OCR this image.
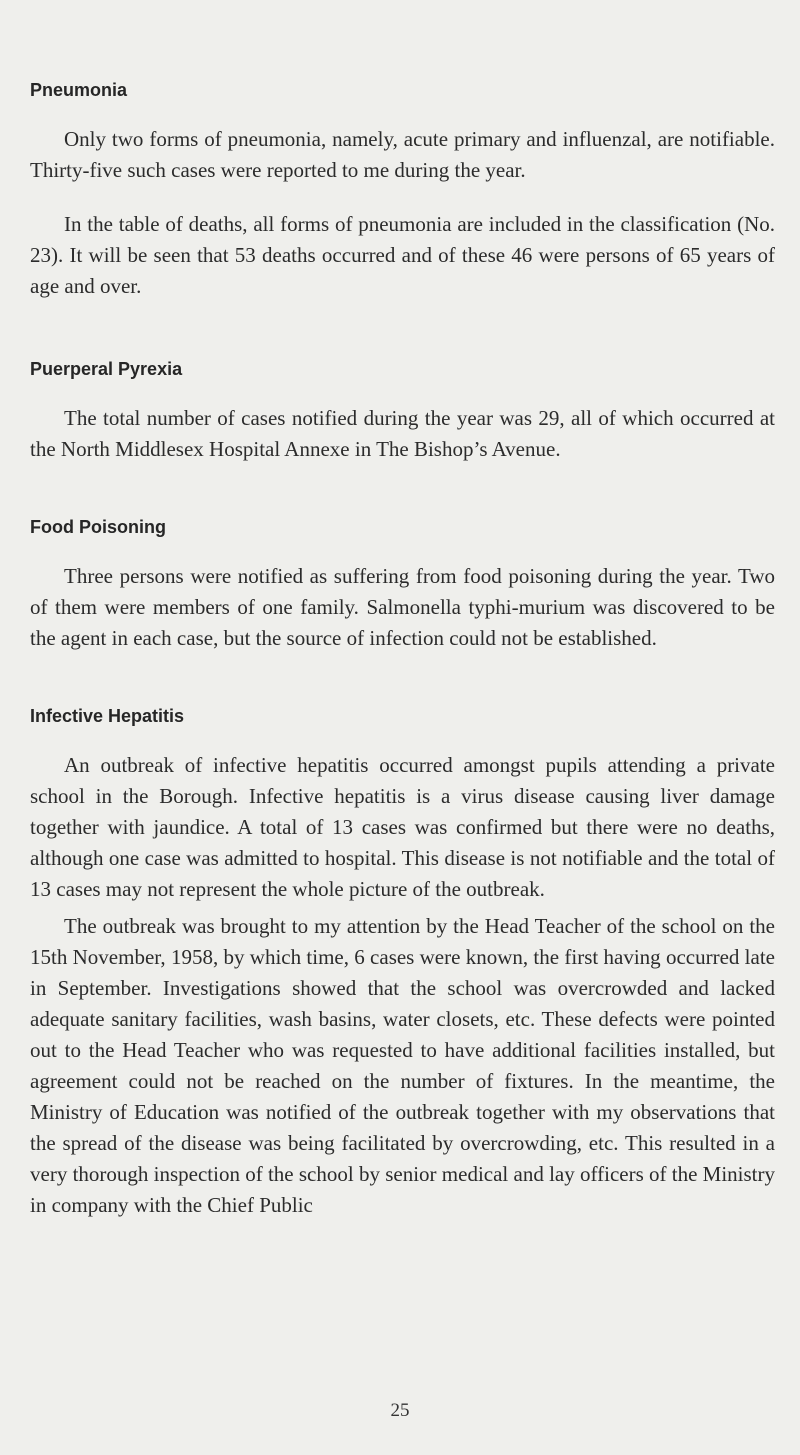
Pneumonia

Only two forms of pneumonia, namely, acute primary and influenzal, are notifiable. Thirty-five such cases were reported to me during the year.

In the table of deaths, all forms of pneumonia are included in the classification (No. 23). It will be seen that 53 deaths occurred and of these 46 were persons of 65 years of age and over.

Puerperal Pyrexia

The total number of cases notified during the year was 29, all of which occurred at the North Middlesex Hospital Annexe in The Bishop’s Avenue.

Food Poisoning

Three persons were notified as suffering from food poisoning during the year. Two of them were members of one family. Salmonella typhi-murium was discovered to be the agent in each case, but the source of infection could not be established.

Infective Hepatitis

An outbreak of infective hepatitis occurred amongst pupils attending a private school in the Borough. Infective hepatitis is a virus disease causing liver damage together with jaundice. A total of 13 cases was confirmed but there were no deaths, although one case was admitted to hospital. This disease is not notifiable and the total of 13 cases may not represent the whole picture of the outbreak.

The outbreak was brought to my attention by the Head Teacher of the school on the 15th November, 1958, by which time, 6 cases were known, the first having occurred late in September. Investigations showed that the school was overcrowded and lacked adequate sanitary facilities, wash basins, water closets, etc. These defects were pointed out to the Head Teacher who was requested to have additional facilities installed, but agreement could not be reached on the number of fixtures. In the meantime, the Ministry of Education was notified of the outbreak together with my observations that the spread of the disease was being facilitated by overcrowding, etc. This resulted in a very thorough inspection of the school by senior medical and lay officers of the Ministry in company with the Chief Public

25
